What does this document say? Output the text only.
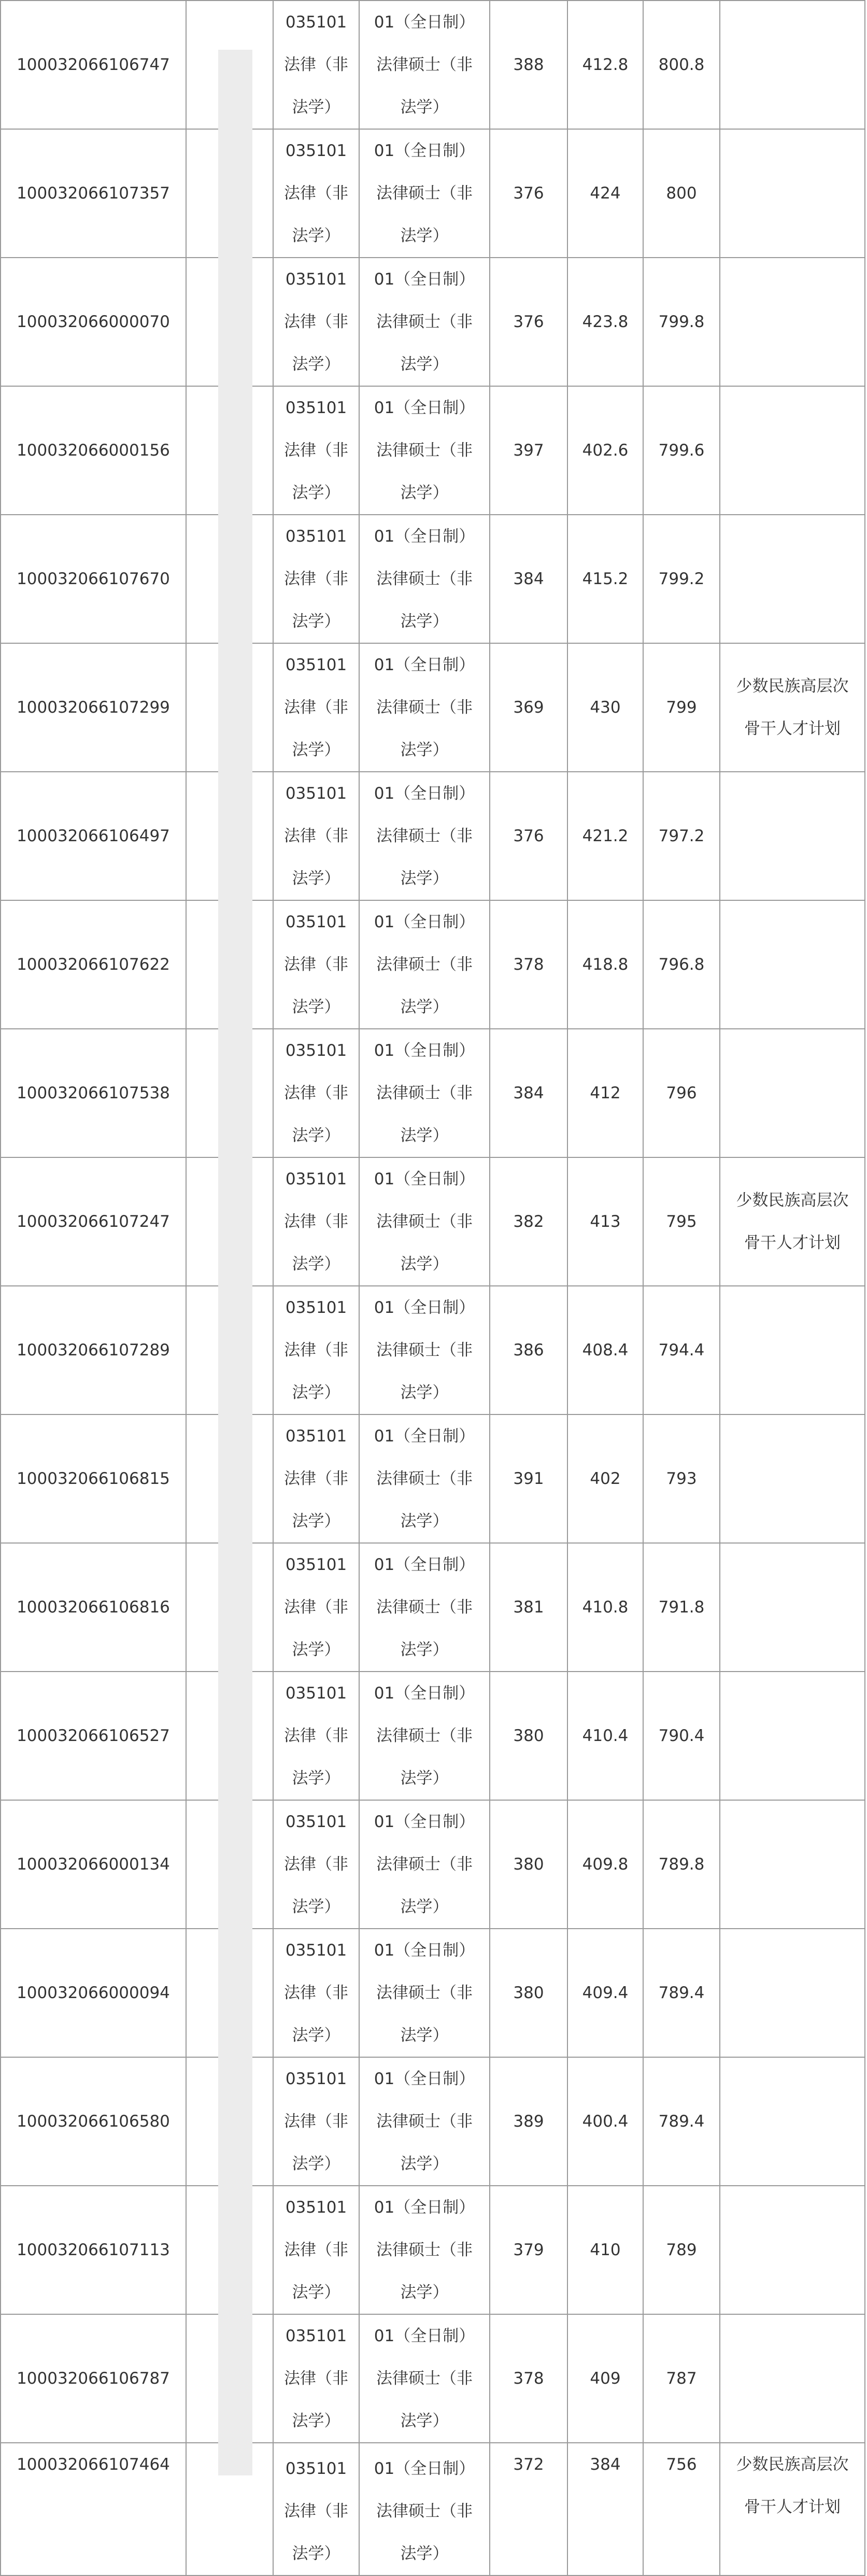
100032066106747		035101
法律（非
法学）	01（全日制）
法律硕士（非
法学）	388	412.8	800.8	
100032066107357		035101
法律（非
法学）	01（全日制）
法律硕士（非
法学）	376	424	800	
100032066000070		035101
法律（非
法学）	01（全日制）
法律硕士（非
法学）	376	423.8	799.8	
100032066000156		035101
法律（非
法学）	01（全日制）
法律硕士（非
法学）	397	402.6	799.6	
100032066107670		035101
法律（非
法学）	01（全日制）
法律硕士（非
法学）	384	415.2	799.2	
100032066107299		035101
法律（非
法学）	01（全日制）
法律硕士（非
法学）	369	430	799	少数民族高层次
骨干人才计划

100032066106497		035101
法律（非
法学）	01（全日制）
法律硕士（非
法学）	376	421.2	797.2	
100032066107622		035101
法律（非
法学）	01（全日制）
法律硕士（非
法学）	378	418.8	796.8	
100032066107538		035101
法律（非
法学）	01（全日制）
法律硕士（非
法学）	384	412	796	
100032066107247		035101
法律（非
法学）	01（全日制）
法律硕士（非
法学）	382	413	795	少数民族高层次
骨干人才计划

100032066107289		035101
法律（非
法学）	01（全日制）
法律硕士（非
法学）	386	408.4	794.4	
100032066106815		035101
法律（非
法学）	01（全日制）
法律硕士（非
法学）	391	402	793	
100032066106816		035101
法律（非
法学）	01（全日制）
法律硕士（非
法学）	381	410.8	791.8	
100032066106527		035101
法律（非
法学）	01（全日制）
法律硕士（非
法学）	380	410.4	790.4	
100032066000134		035101
法律（非
法学）	01（全日制）
法律硕士（非
法学）	380	409.8	789.8	
100032066000094		035101
法律（非
法学）	01（全日制）
法律硕士（非
法学）	380	409.4	789.4	
100032066106580		035101
法律（非
法学）	01（全日制）
法律硕士（非
法学）	389	400.4	789.4	
100032066107113		035101
法律（非
法学）	01（全日制）
法律硕士（非
法学）	379	410	789	
100032066106787		035101
法律（非
法学）	01（全日制）
法律硕士（非
法学）	378	409	787	
100032066107464		035101
法律（非
法学）	01（全日制）
法律硕士（非
法学）	372	384	756	少数民族高层次
骨干人才计划
